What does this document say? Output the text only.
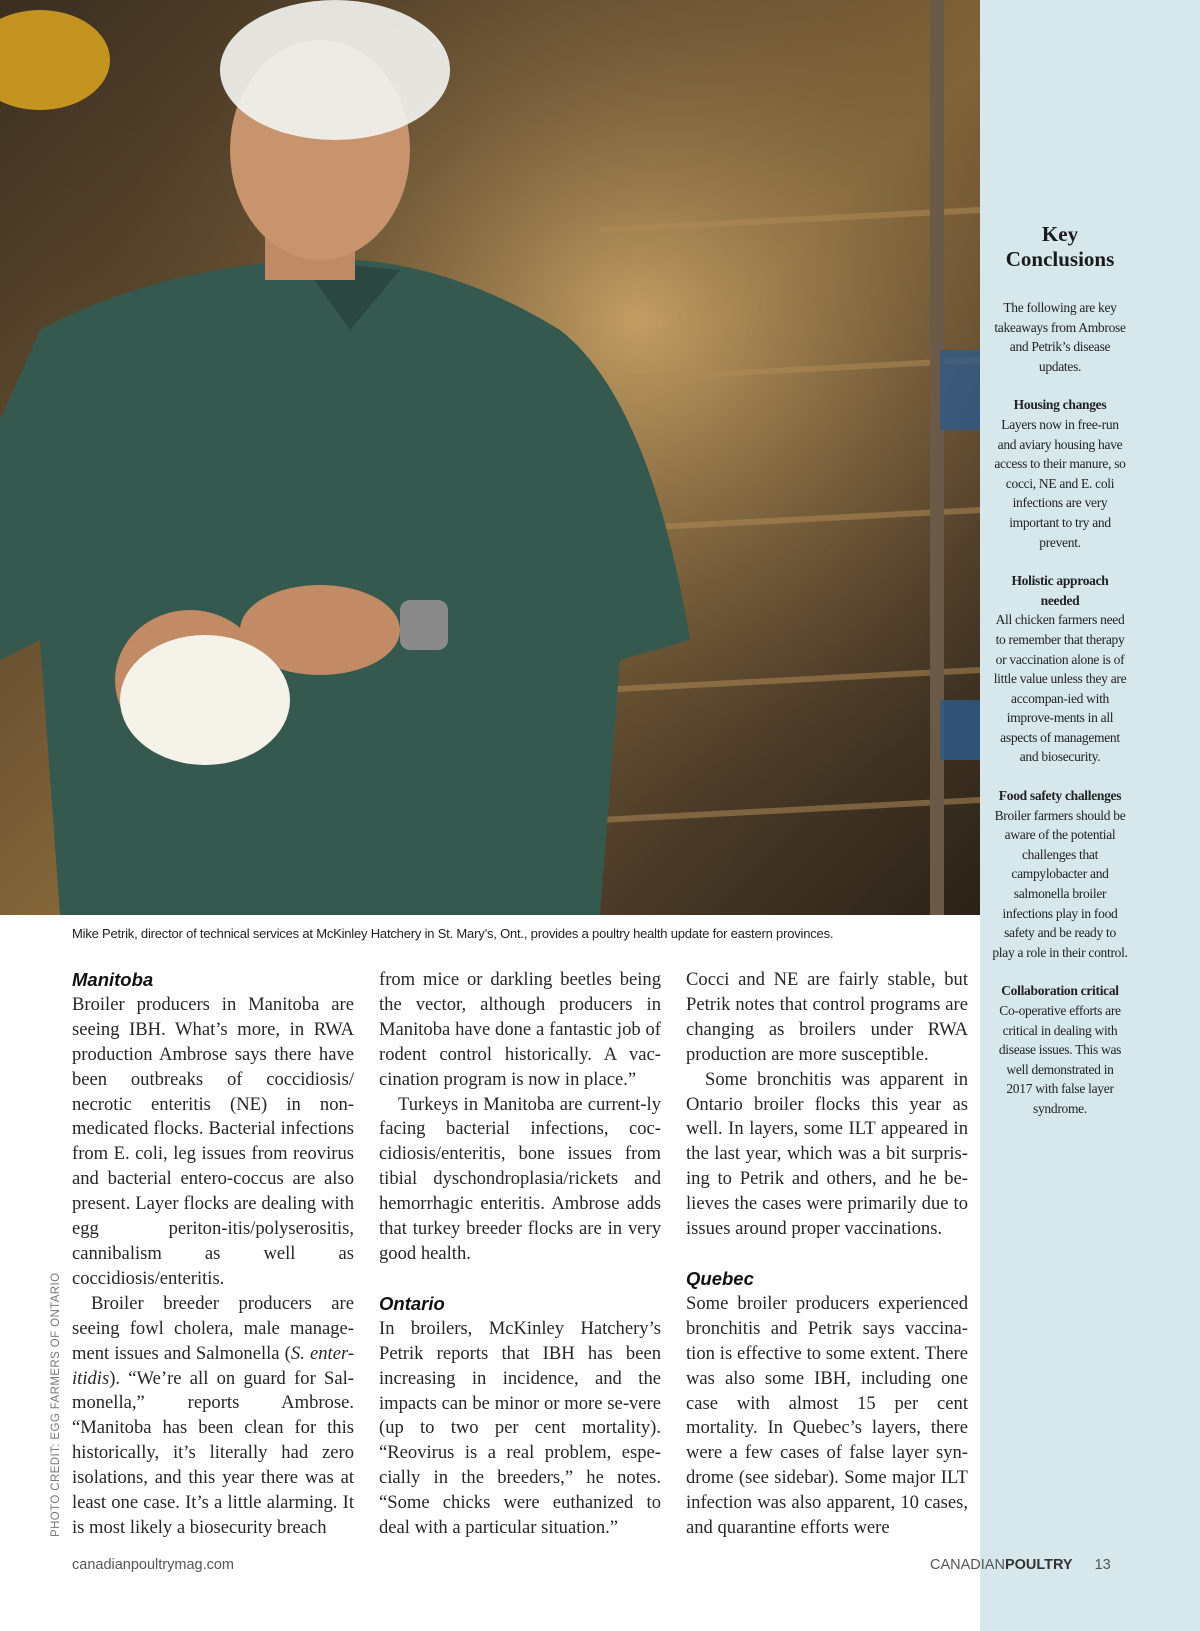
Key Conclusions
The following are key takeaways from Ambrose and Petrik’s disease updates.
Housing changes
Layers now in free-run and aviary housing have access to their manure, so cocci, NE and E. coli infections are very important to try and prevent.
Holistic approach needed
All chicken farmers need to remember that therapy or vaccination alone is of little value unless they are accompan-ied with improve-ments in all aspects of management and biosecurity.
Food safety challenges
Broiler farmers should be aware of the potential challenges that campylobacter and salmonella broiler infections play in food safety and be ready to play a role in their control.
Collaboration critical
Co-operative efforts are critical in dealing with disease issues. This was well demonstrated in 2017 with false layer syndrome.
Mike Petrik, director of technical services at McKinley Hatchery in St. Mary’s, Ont., provides a poultry health update for eastern provinces.
PHOTO CREDIT: EGG FARMERS OF ONTARIO
Manitoba

Broiler producers in Manitoba are seeing IBH. What’s more, in RWA production Ambrose says there have been outbreaks of coccidiosis/ necrotic enteritis (NE) in non-medicated flocks. Bacterial infections from E. coli, leg issues from reovirus and bacterial entero-coccus are also present. Layer flocks are dealing with egg periton-itis/polyserositis, cannibalism as well as coccidiosis/enteritis.

Broiler breeder producers are seeing fowl cholera, male manage-ment issues and Salmonella (S. enter-itidis). “We’re all on guard for Sal-monella,” reports Ambrose. “Manitoba has been clean for this historically, it’s literally had zero isolations, and this year there was at least one case. It’s a little alarming. It is most likely a biosecurity breach

from mice or darkling beetles being the vector, although producers in Manitoba have done a fantastic job of rodent control historically. A vac-cination program is now in place.”

Turkeys in Manitoba are current-ly facing bacterial infections, coc-cidiosis/enteritis, bone issues from tibial dyschondroplasia/rickets and hemorrhagic enteritis. Ambrose adds that turkey breeder flocks are in very good health.

Ontario

In broilers, McKinley Hatchery’s Petrik reports that IBH has been increasing in incidence, and the impacts can be minor or more se-vere (up to two per cent mortality). “Reovirus is a real problem, espe-cially in the breeders,” he notes. “Some chicks were euthanized to deal with a particular situation.”

Cocci and NE are fairly stable, but Petrik notes that control programs are changing as broilers under RWA production are more susceptible.

Some bronchitis was apparent in Ontario broiler flocks this year as well. In layers, some ILT appeared in the last year, which was a bit surpris-ing to Petrik and others, and he be-lieves the cases were primarily due to issues around proper vaccinations.

Quebec

Some broiler producers experienced bronchitis and Petrik says vaccina-tion is effective to some extent. There was also some IBH, including one case with almost 15 per cent mortality. In Quebec’s layers, there were a few cases of false layer syn-drome (see sidebar). Some major ILT infection was also apparent, 10 cases, and quarantine efforts were

canadianpoultrymag.com	CANADIANPOULTRY 13
